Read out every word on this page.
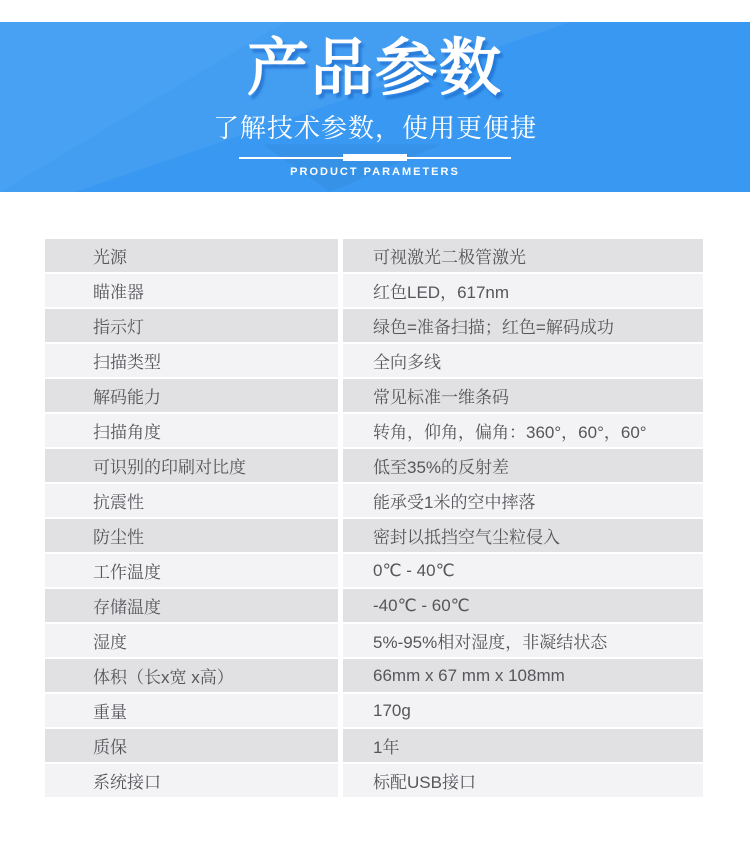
产品参数

了解技术参数，使用更便捷

PRODUCT PARAMETERS

光源	可视激光二极管激光
瞄准器	红色LED，617nm
指示灯	绿色=准备扫描；红色=解码成功
扫描类型	全向多线
解码能力	常见标准一维条码
扫描角度	转角，仰角，偏角：360°，60°，60°
可识别的印刷对比度	低至35%的反射差
抗震性	能承受1米的空中摔落
防尘性	密封以抵挡空气尘粒侵入
工作温度	0℃ - 40℃
存储温度	-40℃ - 60℃
湿度	5%-95%相对湿度，非凝结状态
体积（长x宽 x高）	66mm x 67 mm x 108mm
重量	170g
质保	1年
系统接口	标配USB接口
